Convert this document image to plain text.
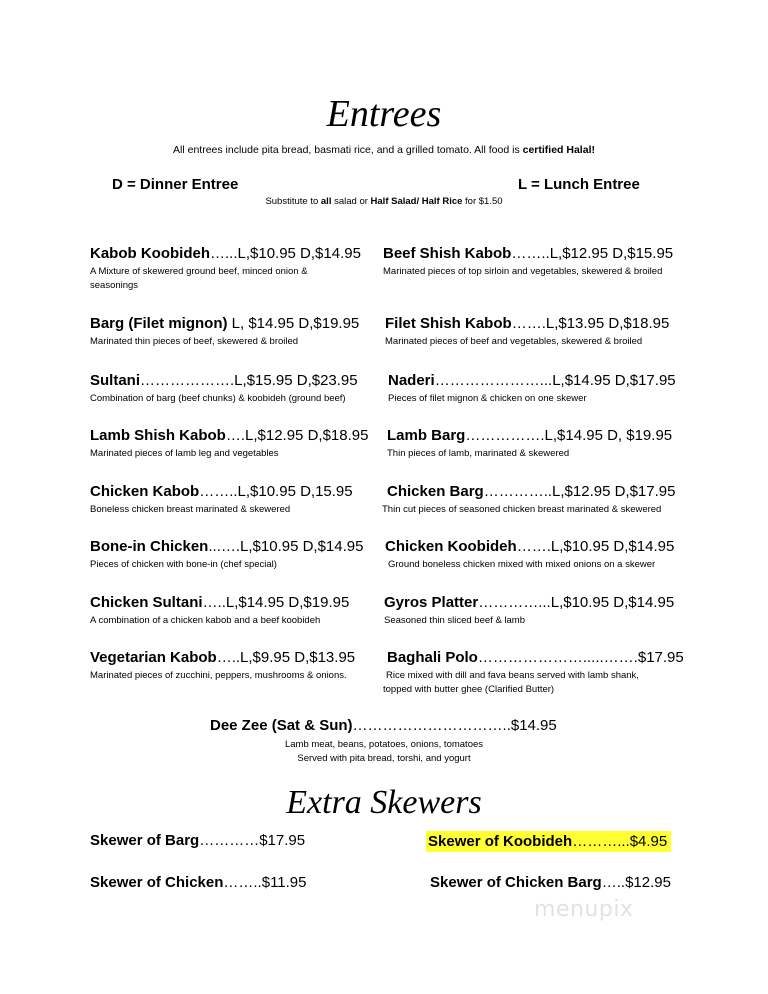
Entrees
All entrees include pita bread, basmati rice, and a grilled tomato. All food is certified Halal!
D = Dinner Entree	L = Lunch Entree
Substitute to all salad or Half Salad/ Half Rice for $1.50
Kabob Koobideh…...L,$10.95 D,$14.95
A Mixture of skewered ground beef, minced onion &
seasonings
Beef Shish Kabob……..L,$12.95 D,$15.95
Marinated pieces of top sirloin and vegetables, skewered & broiled
Barg (Filet mignon) L, $14.95 D,$19.95
Marinated thin pieces of beef, skewered & broiled
Filet Shish Kabob…….L,$13.95 D,$18.95
Marinated pieces of beef and vegetables, skewered & broiled
Sultani……………….L,$15.95 D,$23.95
Combination of barg (beef chunks) & koobideh (ground beef)
Naderi…………………...L,$14.95 D,$17.95
Pieces of filet mignon & chicken on one skewer
Lamb Shish Kabob….L,$12.95 D,$18.95
Marinated pieces of lamb leg and vegetables
Lamb Barg…………….L,$14.95 D, $19.95
Thin pieces of lamb, marinated & skewered
Chicken Kabob……..L,$10.95 D,15.95
Boneless chicken breast marinated & skewered
Chicken Barg…………..L,$12.95 D,$17.95
Thin cut pieces of seasoned chicken breast marinated & skewered
Bone-in Chicken...….L,$10.95 D,$14.95
Pieces of chicken with bone-in (chef special)
Chicken Koobideh…….L,$10.95 D,$14.95
Ground boneless chicken mixed with mixed onions on a skewer
Chicken Sultani…..L,$14.95 D,$19.95
A combination of a chicken kabob and a beef koobideh
Gyros Platter…………...L,$10.95 D,$14.95
Seasoned thin sliced beef & lamb
Vegetarian Kabob…..L,$9.95 D,$13.95
Marinated pieces of zucchini, peppers, mushrooms & onions.
Baghali Polo………………….....…….$17.95
Rice mixed with dill and fava beans served with lamb shank,
topped with butter ghee (Clarified Butter)
Dee Zee (Sat & Sun)…………………………..$14.95
Lamb meat, beans, potatoes, onions, tomatoes
Served with pita bread, torshi, and yogurt
Extra Skewers
Skewer of Barg…………$17.95	Skewer of Koobideh………...$4.95
Skewer of Chicken……..$11.95	Skewer of Chicken Barg…..$12.95
menupix
